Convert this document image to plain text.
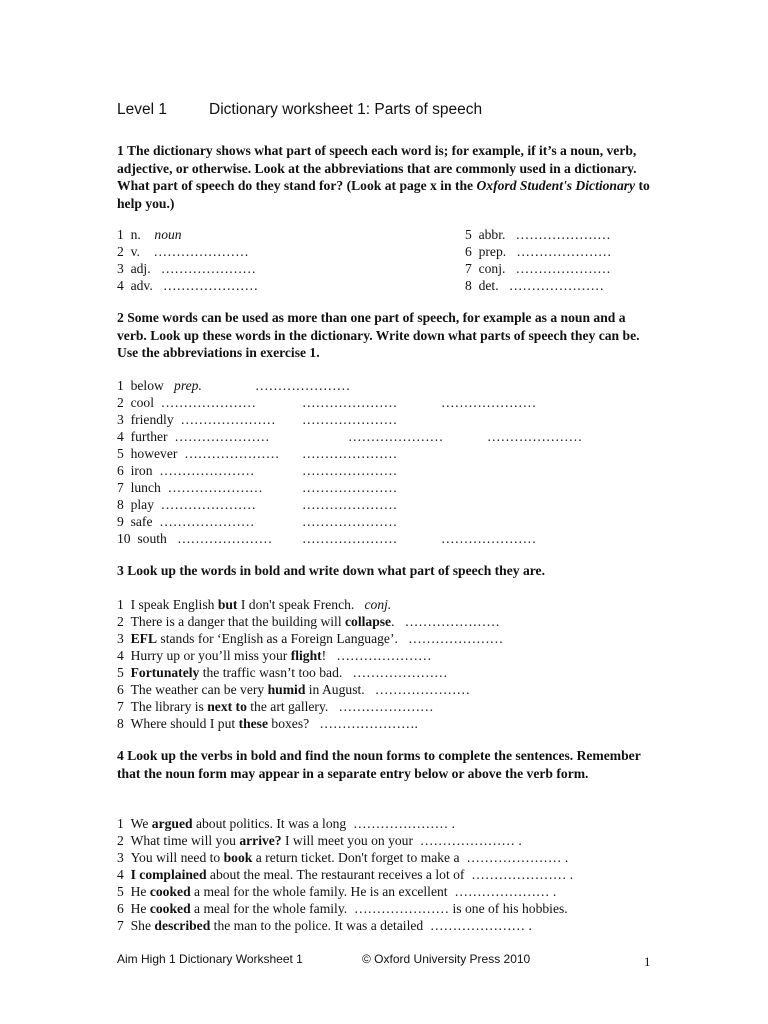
Level 1	Dictionary worksheet 1: Parts of speech

1 The dictionary shows what part of speech each word is; for example, if it’s a noun, verb, adjective, or otherwise. Look at the abbreviations that are commonly used in a dictionary. What part of speech do they stand for? (Look at page x in the Oxford Student's Dictionary to help you.)

1 n. noun	5 abbr. …………………
2 v. …………………	6 prep. …………………
3 adj. …………………	7 conj. …………………
4 adv. …………………	8 det. …………………

2 Some words can be used as more than one part of speech, for example as a noun and a verb. Look up these words in the dictionary. Write down what parts of speech they can be. Use the abbreviations in exercise 1.

1 below prep.	…………………
2 cool …………………	…………………	…………………
3 friendly ………………… …………………
4 further …………………	…………………	…………………
5 however ………………… …………………
6 iron …………………	…………………
7 lunch …………………	…………………
8 play …………………	…………………
9 safe …………………	…………………
10 south ………………… …………………	…………………

3 Look up the words in bold and write down what part of speech they are.

1 I speak English but I don't speak French. conj.
2 There is a danger that the building will collapse. …………………
3 EFL stands for ‘English as a Foreign Language’. …………………
4 Hurry up or you’ll miss your flight! …………………
5 Fortunately the traffic wasn’t too bad. …………………
6 The weather can be very humid in August. …………………
7 The library is next to the art gallery. …………………
8 Where should I put these boxes? ………………….

4 Look up the verbs in bold and find the noun forms to complete the sentences. Remember that the noun form may appear in a separate entry below or above the verb form.

1 We argued about politics. It was a long  ………………… .
2 What time will you arrive? I will meet you on your  ………………… .
3 You will need to book a return ticket. Don't forget to make a  ………………… .
4 I complained about the meal. The restaurant receives a lot of  ………………… .
5 He cooked a meal for the whole family. He is an excellent  ………………… .
6 He cooked a meal for the whole family.  ………………… is one of his hobbies.
7 She described the man to the police. It was a detailed  ………………… .
Aim High 1 Dictionary Worksheet 1	© Oxford University Press 2010	1
